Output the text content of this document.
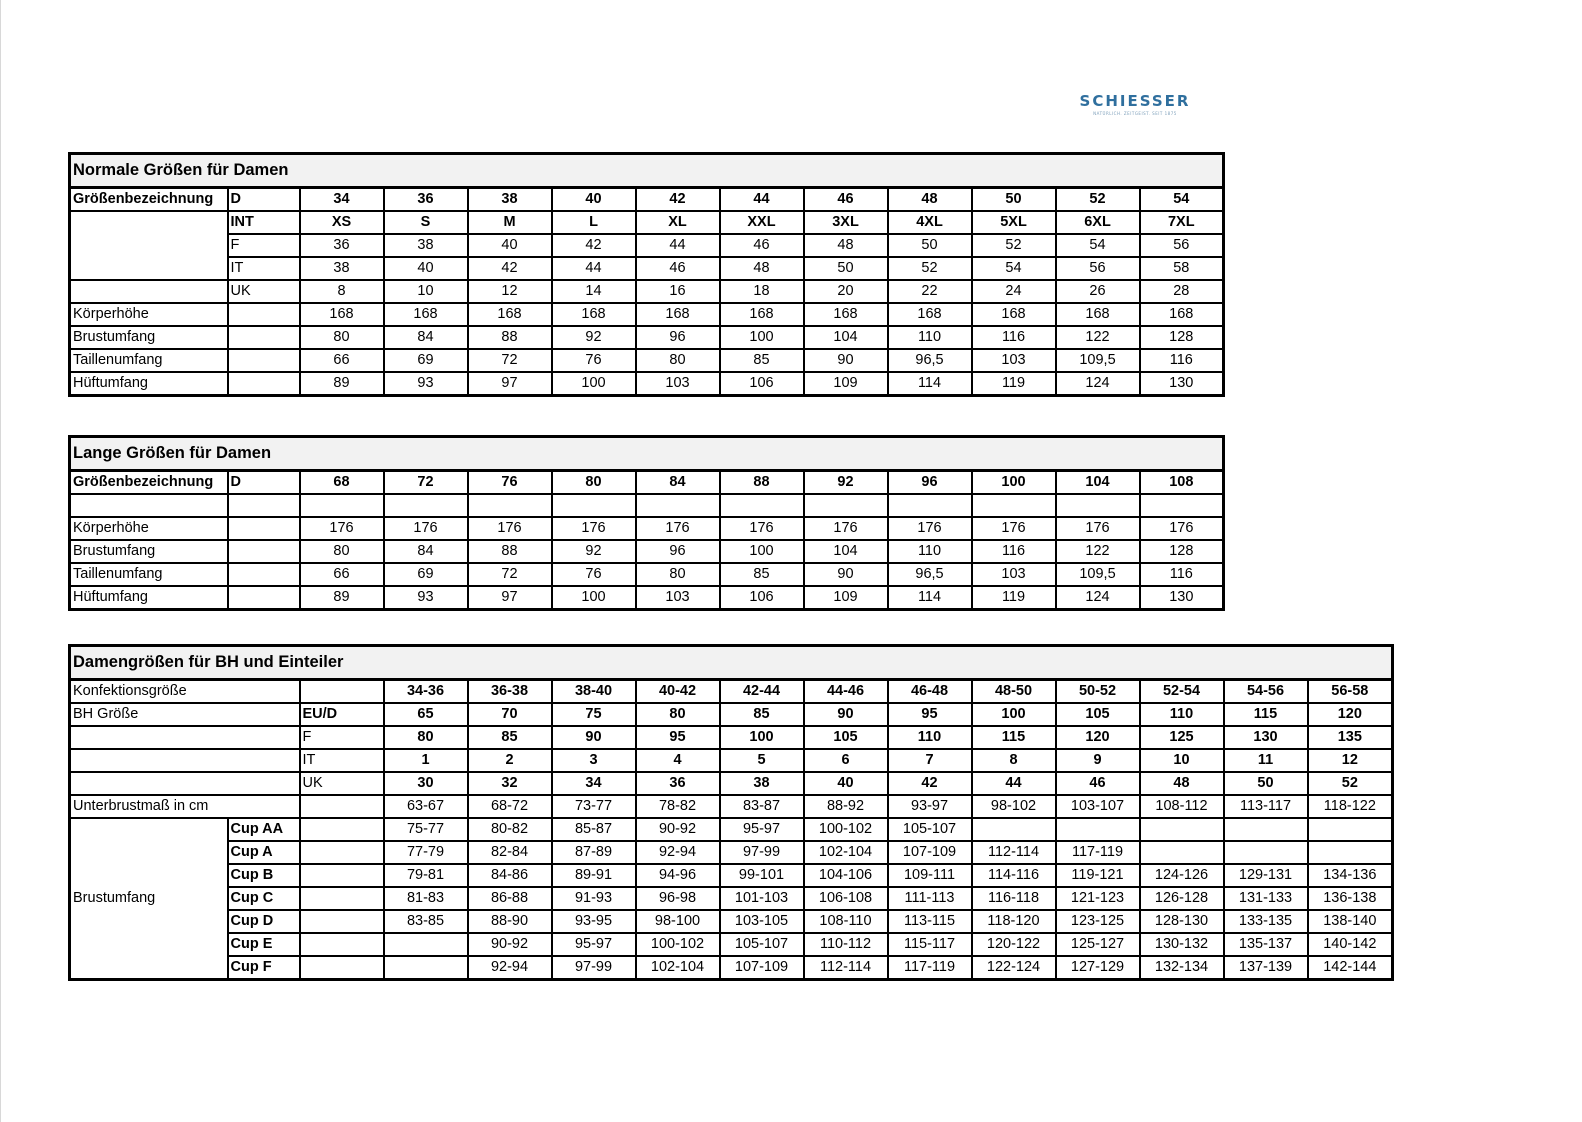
SCHIESSER
NATÜRLICH. ZEITGEIST. SEIT 1875
Normale Größen für Damen												
Größenbezeichnung	D	34	36	38	40	42	44	46	48	50	52	54
	INT	XS	S	M	L	XL	XXL	3XL	4XL	5XL	6XL	7XL
	F	36	38	40	42	44	46	48	50	52	54	56
	IT	38	40	42	44	46	48	50	52	54	56	58
	UK	8	10	12	14	16	18	20	22	24	26	28
Körperhöhe		168	168	168	168	168	168	168	168	168	168	168
Brustumfang		80	84	88	92	96	100	104	110	116	122	128
Taillenumfang		66	69	72	76	80	85	90	96,5	103	109,5	116
Hüftumfang		89	93	97	100	103	106	109	114	119	124	130
Lange Größen für Damen												
Größenbezeichnung	D	68	72	76	80	84	88	92	96	100	104	108

Körperhöhe		176	176	176	176	176	176	176	176	176	176	176
Brustumfang		80	84	88	92	96	100	104	110	116	122	128
Taillenumfang		66	69	72	76	80	85	90	96,5	103	109,5	116
Hüftumfang		89	93	97	100	103	106	109	114	119	124	130
Damengrößen für BH und Einteiler														
Konfektionsgröße			34-36	36-38	38-40	40-42	42-44	44-46	46-48	48-50	50-52	52-54	54-56	56-58
BH Größe		EU/D	65	70	75	80	85	90	95	100	105	110	115	120
		F	80	85	90	95	100	105	110	115	120	125	130	135
		IT	1	2	3	4	5	6	7	8	9	10	11	12
		UK	30	32	34	36	38	40	42	44	46	48	50	52
Unterbrustmaß in cm			63-67	68-72	73-77	78-82	83-87	88-92	93-97	98-102	103-107	108-112	113-117	118-122
Brustumfang	Cup AA		75-77	80-82	85-87	90-92	95-97	100-102	105-107					
	Cup A		77-79	82-84	87-89	92-94	97-99	102-104	107-109	112-114	117-119			
	Cup B		79-81	84-86	89-91	94-96	99-101	104-106	109-111	114-116	119-121	124-126	129-131	134-136
	Cup C		81-83	86-88	91-93	96-98	101-103	106-108	111-113	116-118	121-123	126-128	131-133	136-138
	Cup D		83-85	88-90	93-95	98-100	103-105	108-110	113-115	118-120	123-125	128-130	133-135	138-140
	Cup E			90-92	95-97	100-102	105-107	110-112	115-117	120-122	125-127	130-132	135-137	140-142
	Cup F			92-94	97-99	102-104	107-109	112-114	117-119	122-124	127-129	132-134	137-139	142-144
